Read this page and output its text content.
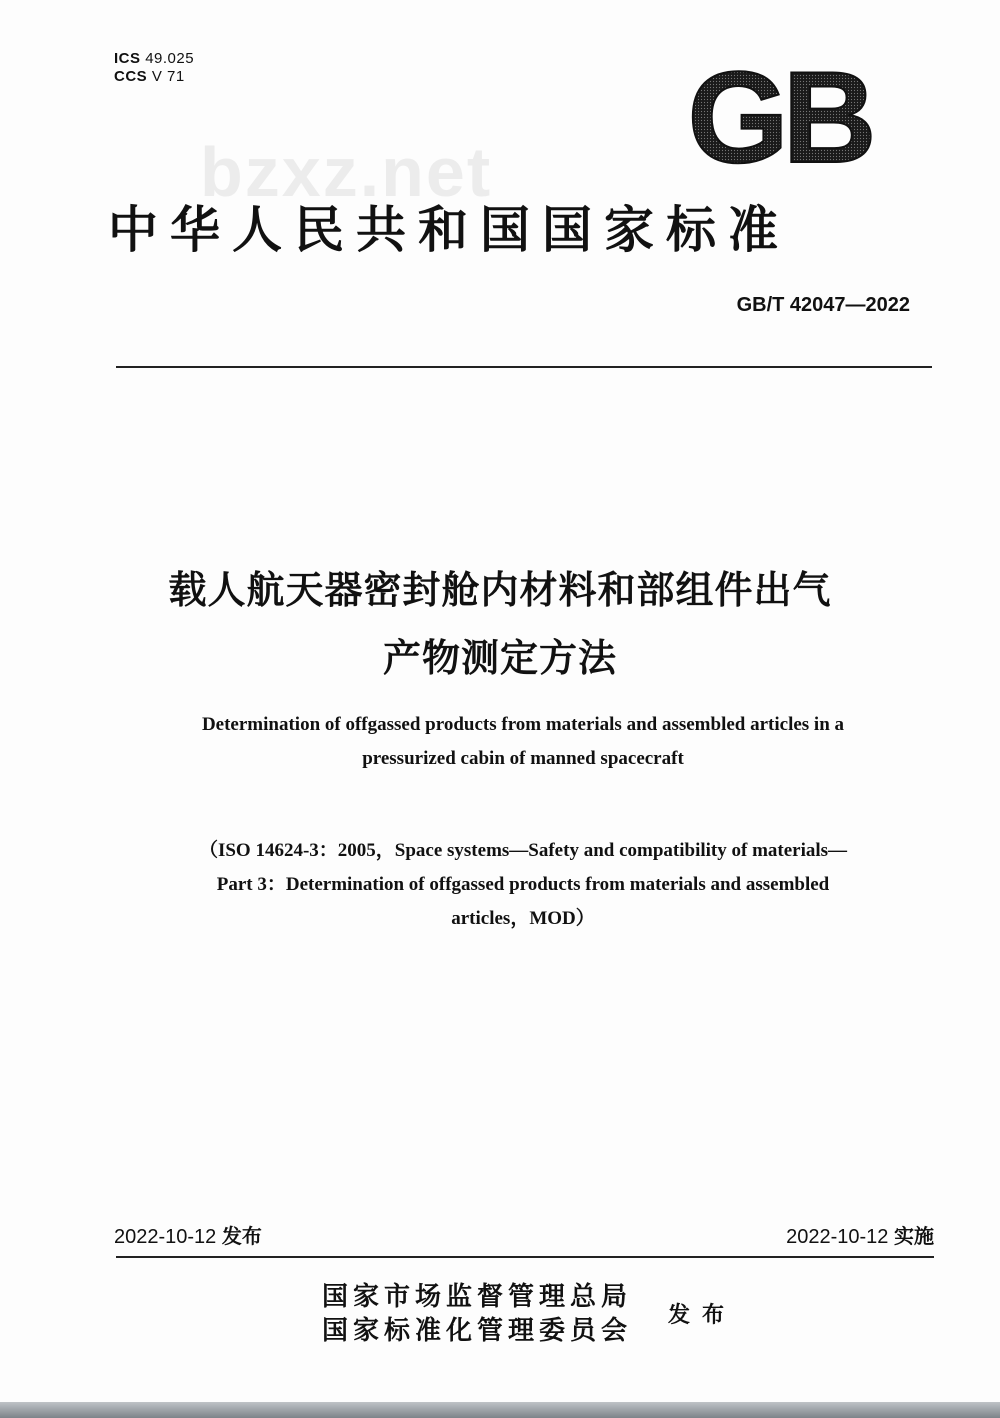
ICS 49.025
CCS V 71	GB
bzxz.net
中华人民共和国国家标准
GB/T 42047—2022
载人航天器密封舱内材料和部组件出气
产物测定方法
Determination of offgassed products from materials and assembled articles in a
pressurized cabin of manned spacecraft
（ISO 14624-3：2005，Space systems—Safety and compatibility of materials—
Part 3：Determination of offgassed products from materials and assembled
articles，MOD）
2022-10-12 发布	2022-10-12 实施
国家市场监督管理总局
国家标准化管理委员会
发布
